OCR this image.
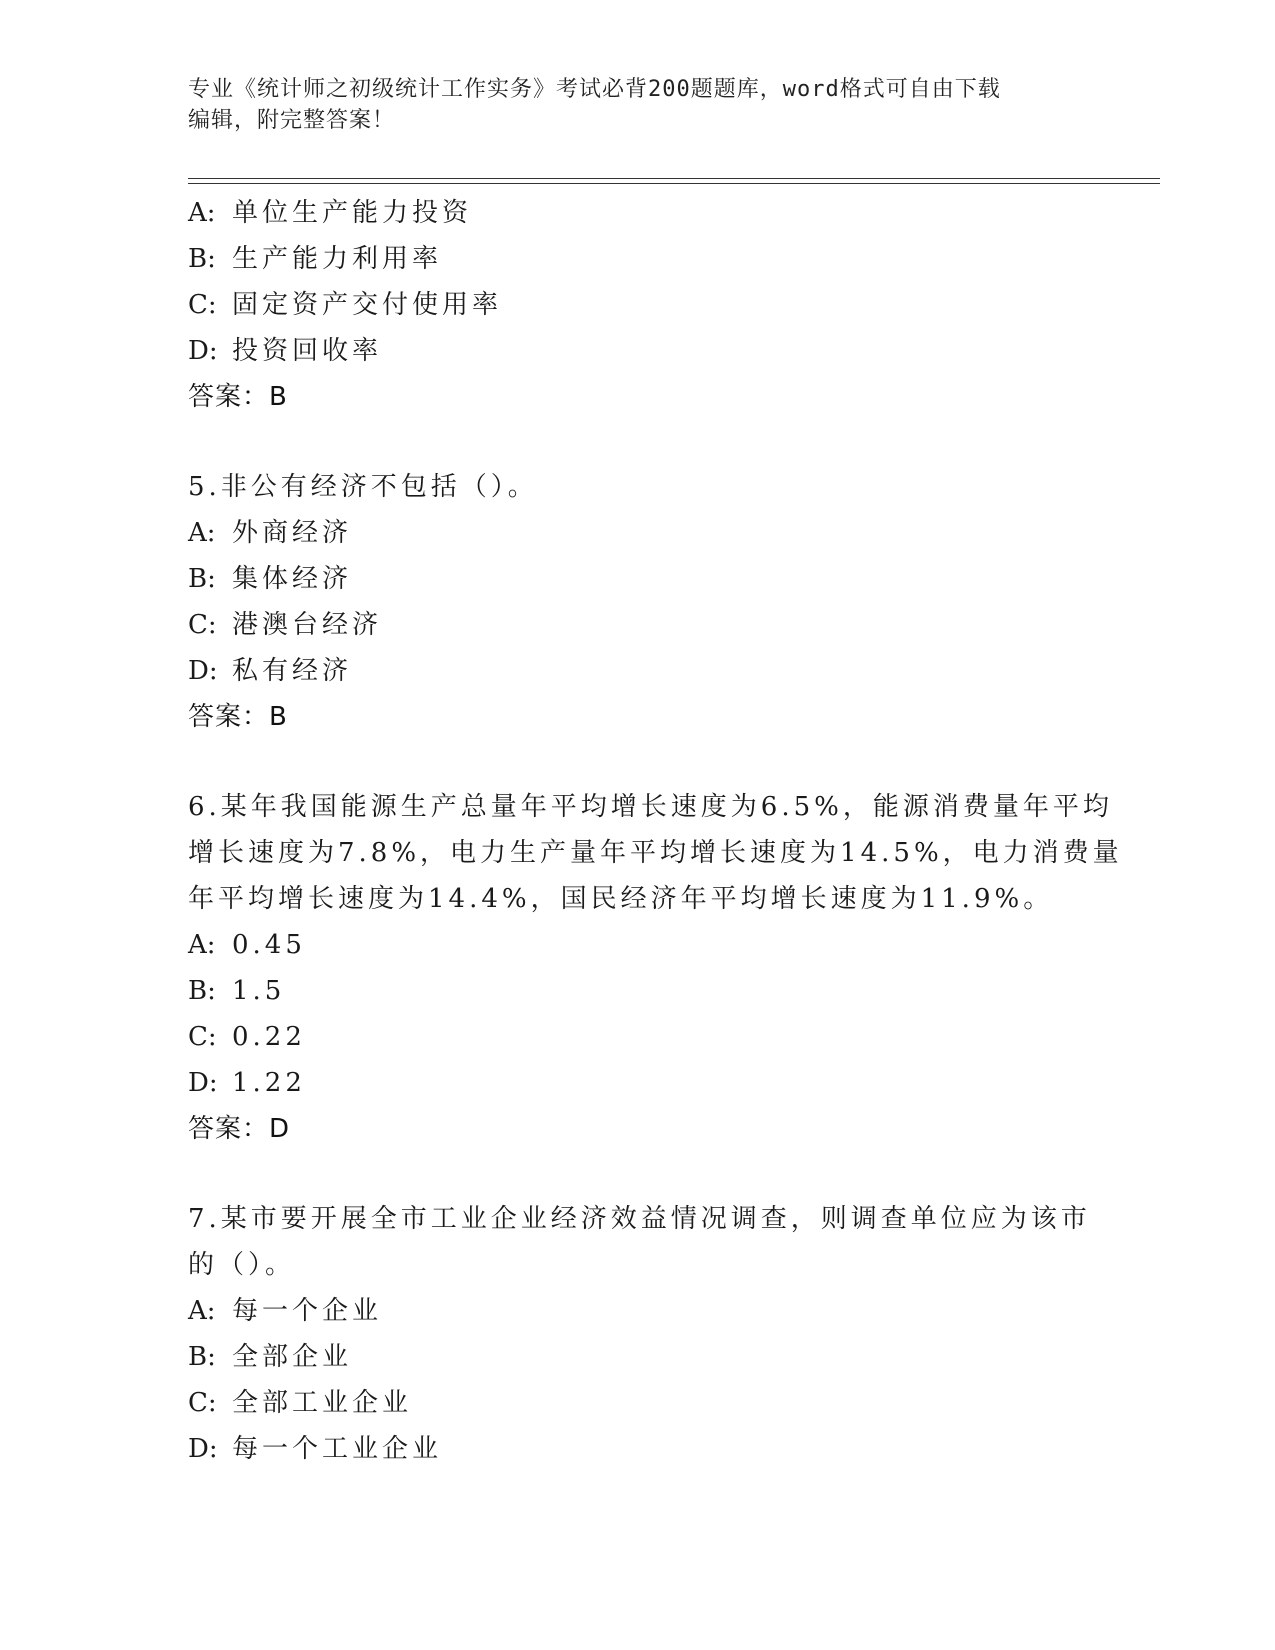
专业《统计师之初级统计工作实务》考试必背200题题库，word格式可自由下载
编辑，附完整答案！
A: 单位生产能力投资
B: 生产能力利用率
C: 固定资产交付使用率
D: 投资回收率
答案：B
5.非公有经济不包括（）。
A: 外商经济
B: 集体经济
C: 港澳台经济
D: 私有经济
答案：B
6.某年我国能源生产总量年平均增长速度为6.5%，能源消费量年平均
增长速度为7.8%，电力生产量年平均增长速度为14.5%，电力消费量
年平均增长速度为14.4%，国民经济年平均增长速度为11.9%。
A: 0.45
B: 1.5
C: 0.22
D: 1.22
答案：D
7.某市要开展全市工业企业经济效益情况调查，则调查单位应为该市
的（）。
A: 每一个企业
B: 全部企业
C: 全部工业企业
D: 每一个工业企业
